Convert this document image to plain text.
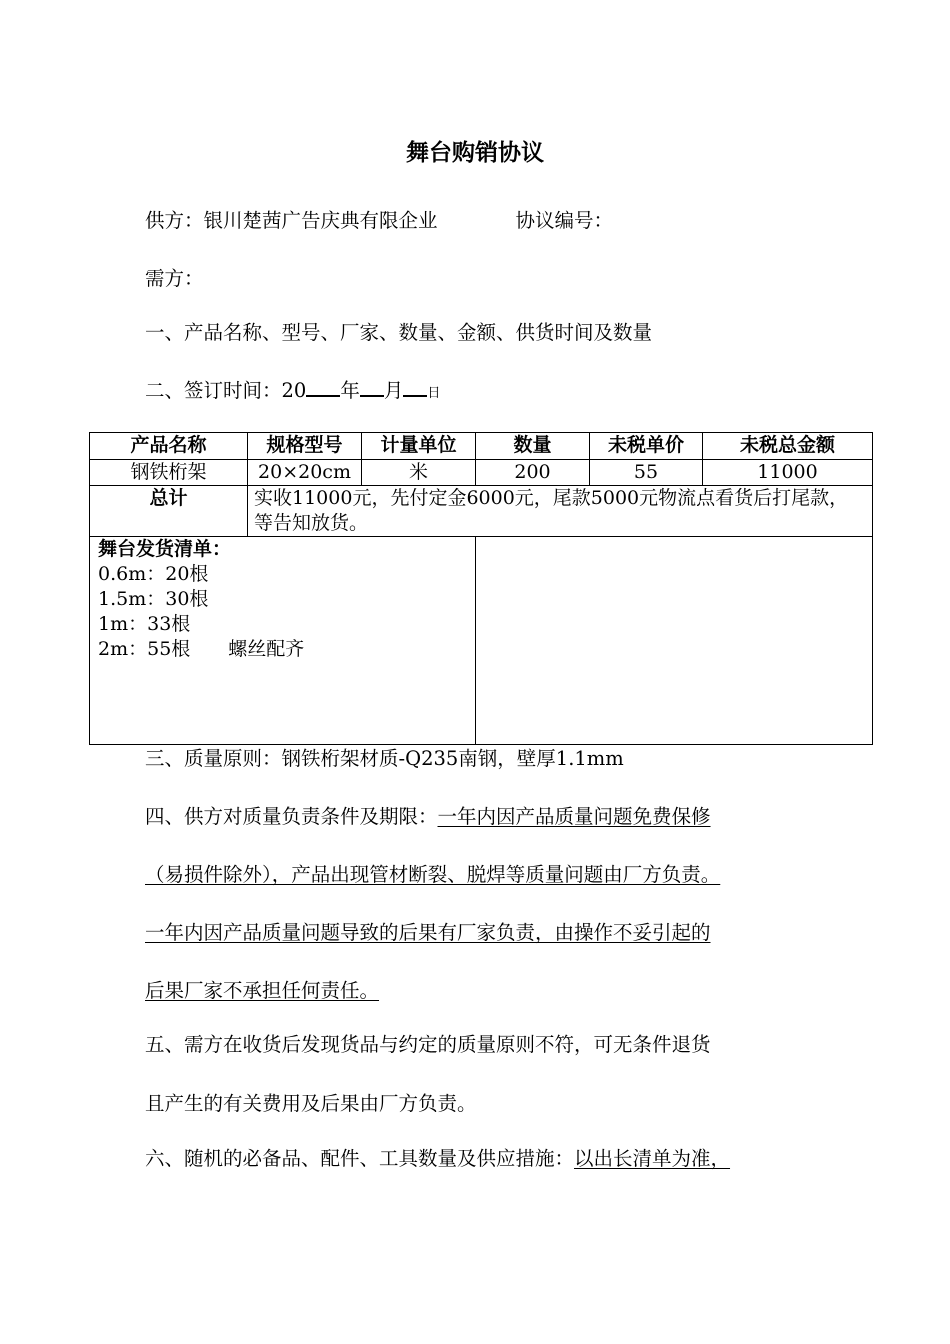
舞台购销协议
供方：银川楚茜广告庆典有限企业	协议编号：
需方：
一、产品名称、型号、厂家、数量、金额、供货时间及数量
二、签订时间：20 年 月 日
产品名称	规格型号	计量单位	数量	未税单价	未税总金额
钢铁桁架	20×20cm	米	200	55	11000
总计	实收11000元，先付定金6000元，尾款5000元物流点看货后打尾款，等告知放货。				

舞台发货清单：
0.6m：20根
1.5m：30根
1m：33根
2m：55根　　螺丝配齐					

三、质量原则：钢铁桁架材质-Q235南钢，壁厚1.1mm
四、供方对质量负责条件及期限：一年内因产品质量问题免费保修
（易损件除外），产品出现管材断裂、脱焊等质量问题由厂方负责。
一年内因产品质量问题导致的后果有厂家负责，由操作不妥引起的
后果厂家不承担任何责任。
五、需方在收货后发现货品与约定的质量原则不符，可无条件退货
且产生的有关费用及后果由厂方负责。
六、随机的必备品、配件、工具数量及供应措施：以出长清单为准，
